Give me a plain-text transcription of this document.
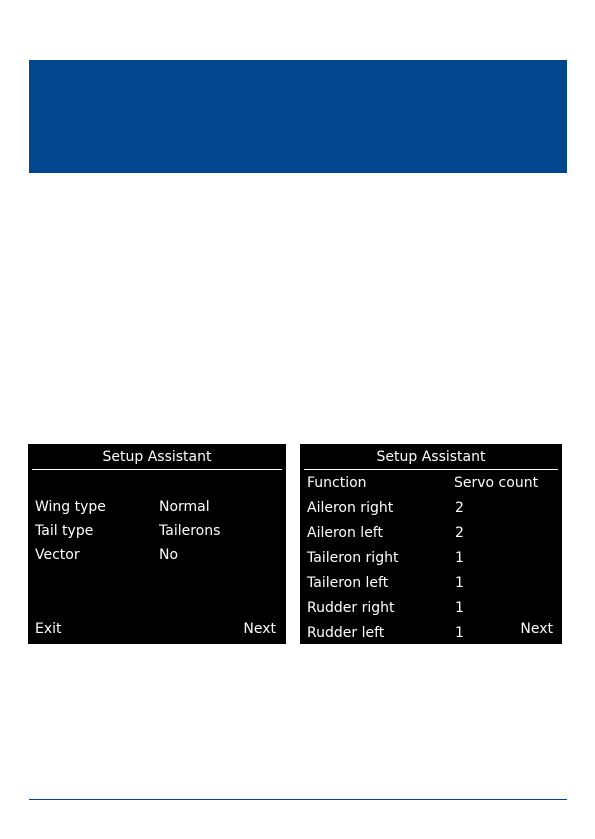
Setup Assistant
Wing type	Normal
Tail type	Tailerons
Vector	No
Exit	Next
Setup Assistant
Function	Servo count
Aileron right	2
Aileron left	2
Taileron right	1
Taileron left	1
Rudder right	1
Rudder left	1	Next
